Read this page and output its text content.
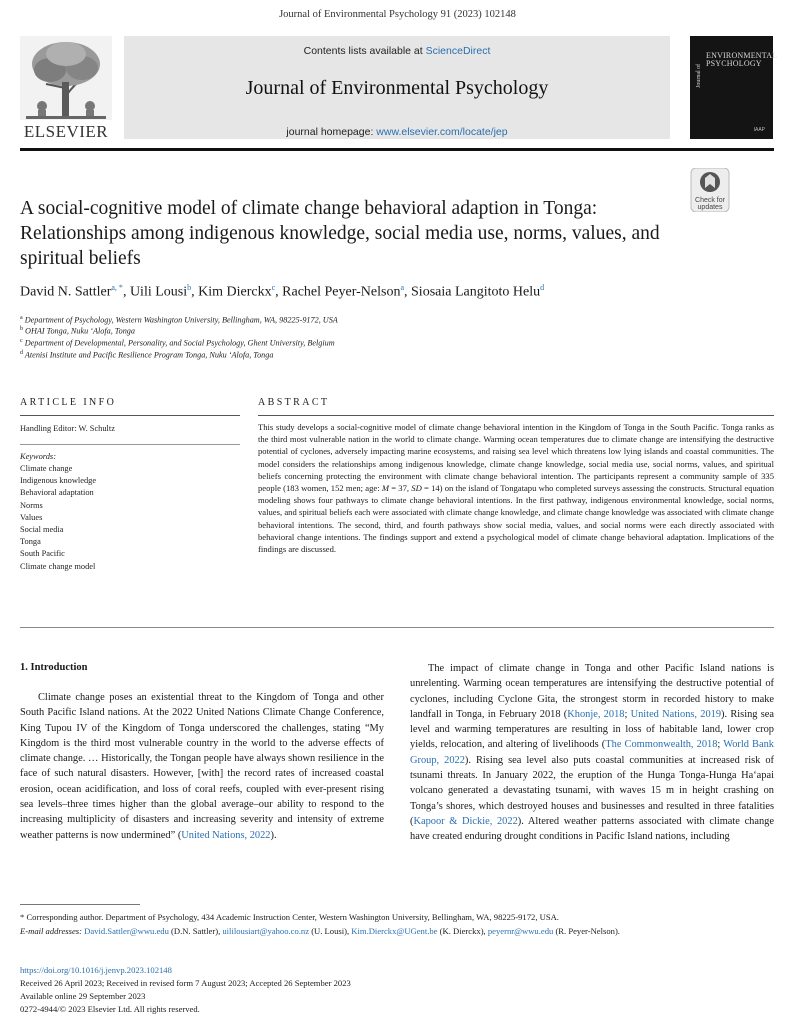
Journal of Environmental Psychology 91 (2023) 102148
ELSEVIER
Contents lists available at ScienceDirect
Journal of Environmental Psychology
journal homepage: www.elsevier.com/locate/jep
Journal of
ENVIRONMENTAL
PSYCHOLOGY
IAAP
A social-cognitive model of climate change behavioral adaption in Tonga: Relationships among indigenous knowledge, social media use, norms, values, and spiritual beliefs
Check for
updates
David N. Sattler$^{a, *}$, Uili Lousi$^b$, Kim Dierckx$^c$, Rachel Peyer-Nelson$^a$, Siosaia Langitoto Helu$^d$
$^a$ Department of Psychology, Western Washington University, Bellingham, WA, 98225-9172, USA
$^b$ OHAI Tonga, Nuku ʻAlofa, Tonga
$^c$ Department of Developmental, Personality, and Social Psychology, Ghent University, Belgium
$^d$ Atenisi Institute and Pacific Resilience Program Tonga, Nuku ʻAlofa, Tonga
ARTICLE INFO
Handling Editor: W. Schultz
Keywords:
Climate change
Indigenous knowledge
Behavioral adaptation
Norms
Values
Social media
Tonga
South Pacific
Climate change model
ABSTRACT
This study develops a social-cognitive model of climate change behavioral intention in the Kingdom of Tonga in the South Pacific. Tonga ranks as the third most vulnerable nation in the world to climate change. Warming ocean temperatures due to climate change are intensifying the destructive potential of cyclones, adversely impacting marine ecosystems, and raising sea level which threatens low lying islands and coastal communities. The model considers the relationships among indigenous knowledge, climate change knowledge, social media use, social norms, values, and spiritual beliefs concerning protecting the environment with climate change behavioral intention. The participants represent a community sample of 335 people (183 women, 152 men; age: M = 37, SD = 14) on the island of Tongatapu who completed surveys assessing the constructs. Structural equation modeling shows four pathways to climate change behavioral intentions. In the first pathway, indigenous environmental knowledge, social norms, values, and spiritual beliefs each were associated with climate change knowledge, and climate change knowledge was associated with climate change behavioral intentions. The second, third, and fourth pathways show social media, values, and social norms were each directly associated with behavioral change intentions. The findings support and extend a psychological model of climate change behavioral adaptation. Implications of the findings are discussed.
1. Introduction
Climate change poses an existential threat to the Kingdom of Tonga and other South Pacific Island nations. At the 2022 United Nations Climate Change Conference, King Tupou IV of the Kingdom of Tonga underscored the challenges, stating “My Kingdom is the third most vulnerable country in the world to the adverse effects of climate change. … Historically, the Tongan people have always shown resilience in the face of such natural disasters. However, [with] the record rates of increased coastal erosion, ocean acidification, and loss of coral reefs, coupled with ever-present rising sea levels–three times higher than the global average–our ability to respond to the increasing multiplicity of disasters and increasing severity and intensity of extreme weather patterns is now undermined” (United Nations, 2022).
The impact of climate change in Tonga and other Pacific Island nations is unrelenting. Warming ocean temperatures are intensifying the destructive potential of cyclones, including Cyclone Gita, the strongest storm in recorded history to make landfall in Tonga, in February 2018 (Khonje, 2018; United Nations, 2019). Rising sea level and warming temperatures are resulting in loss of habitable land, lower crop yields, relocation, and altering of livelihoods (The Commonwealth, 2018; World Bank Group, 2022). Rising sea level also puts coastal communities at increased risk of tsunami threats. In January 2022, the eruption of the Hunga Tonga-Hunga Haʻapai volcano generated a devastating tsunami, with waves 15 m in height crashing on Tonga’s shores, which destroyed houses and businesses and resulted in three fatalities (Kapoor & Dickie, 2022). Altered weather patterns associated with climate change have created enduring drought conditions in Pacific Island nations, including
* Corresponding author. Department of Psychology, 434 Academic Instruction Center, Western Washington University, Bellingham, WA, 98225-9172, USA.
E-mail addresses: David.Sattler@wwu.edu (D.N. Sattler), uililousiart@yahoo.co.nz (U. Lousi), Kim.Dierckx@UGent.be (K. Dierckx), peyernr@wwu.edu (R. Peyer-Nelson).
https://doi.org/10.1016/j.jenvp.2023.102148
Received 26 April 2023; Received in revised form 7 August 2023; Accepted 26 September 2023
Available online 29 September 2023
0272-4944/© 2023 Elsevier Ltd. All rights reserved.
